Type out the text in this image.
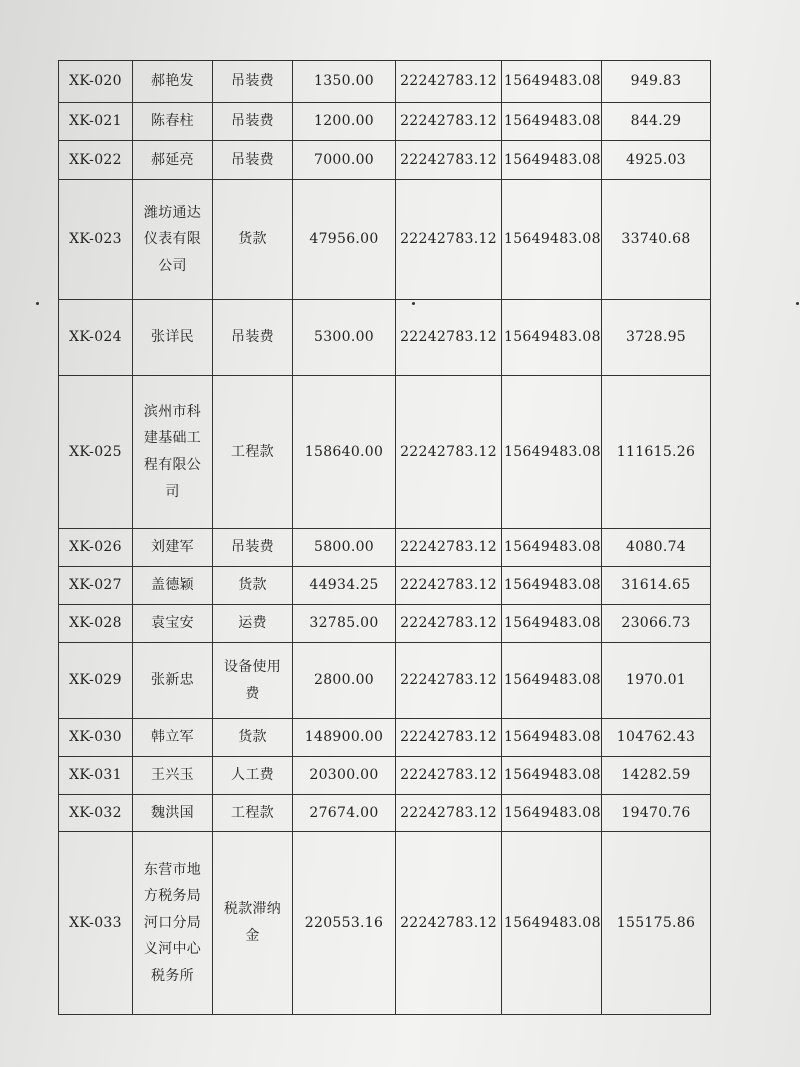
XK-020	郝艳发	吊装费	1350.00	22242783.12	15649483.08	949.83
XK-021	陈春柱	吊装费	1200.00	22242783.12	15649483.08	844.29
XK-022	郝延亮	吊装费	7000.00	22242783.12	15649483.08	4925.03
XK-023	潍坊通达仪表有限公司	货款	47956.00	22242783.12	15649483.08	33740.68
XK-024	张详民	吊装费	5300.00	22242783.12	15649483.08	3728.95
XK-025	滨州市科建基础工程有限公司	工程款	158640.00	22242783.12	15649483.08	111615.26
XK-026	刘建军	吊装费	5800.00	22242783.12	15649483.08	4080.74
XK-027	盖德颖	货款	44934.25	22242783.12	15649483.08	31614.65
XK-028	袁宝安	运费	32785.00	22242783.12	15649483.08	23066.73
XK-029	张新忠	设备使用费	2800.00	22242783.12	15649483.08	1970.01
XK-030	韩立军	货款	148900.00	22242783.12	15649483.08	104762.43
XK-031	王兴玉	人工费	20300.00	22242783.12	15649483.08	14282.59
XK-032	魏洪国	工程款	27674.00	22242783.12	15649483.08	19470.76
XK-033	东营市地方税务局河口分局义河中心税务所	税款滞纳金	220553.16	22242783.12	15649483.08	155175.86
